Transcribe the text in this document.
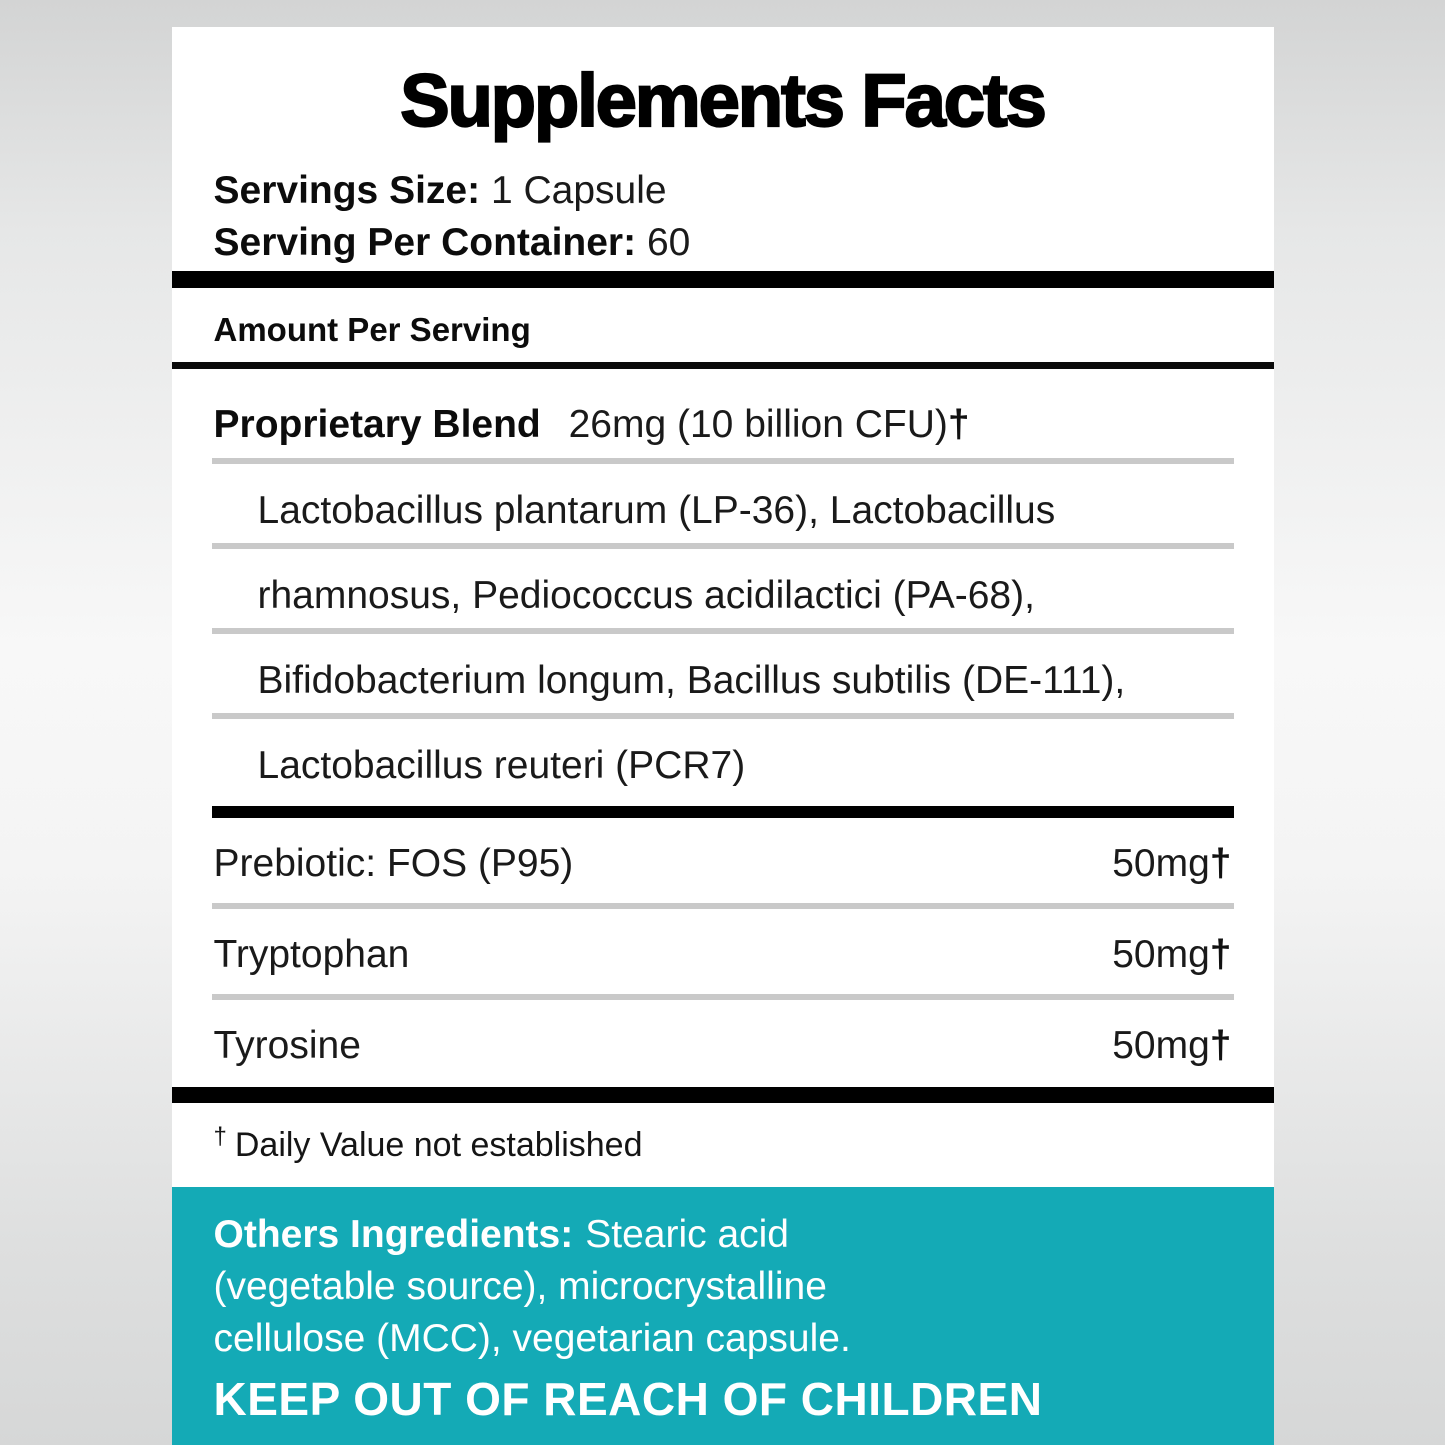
Supplements Facts
Servings Size: 1 Capsule
Serving Per Container: 60
Amount Per Serving
Proprietary Blend 26mg (10 billion CFU)†
Lactobacillus plantarum (LP-36), Lactobacillus
rhamnosus, Pediococcus acidilactici (PA-68),
Bifidobacterium longum, Bacillus subtilis (DE-111),
Lactobacillus reuteri (PCR7)
Prebiotic: FOS (P95)	50mg†
Tryptophan	50mg†
Tyrosine	50mg†
† Daily Value not established
Others Ingredients: Stearic acid
(vegetable source), microcrystalline
cellulose (MCC), vegetarian capsule.
KEEP OUT OF REACH OF CHILDREN
